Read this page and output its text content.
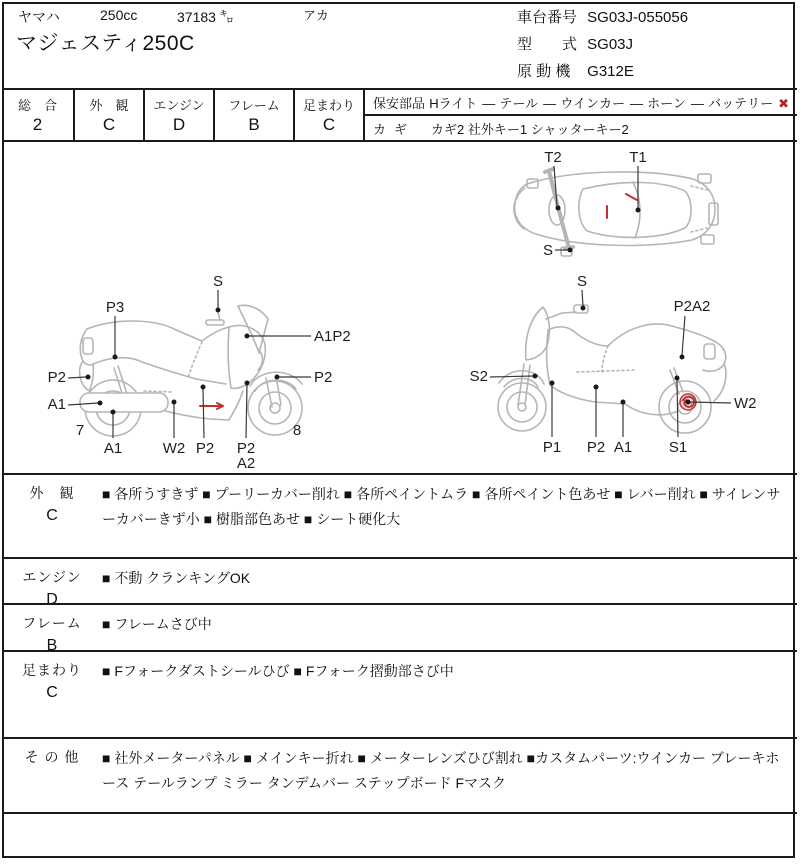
ヤマハ	250cc	37183 ㌔	アカ
マジェスティ250C
車台番号 SG03J-055056
型　　式 SG03J
原 動 機 G312E
総　合
2
外　観
C
エンジン
D
フレーム
B
足まわり
C
保安部品 Hライト — テール — ウインカー — ホーン — バッテリー ✖
カギ カギ2 社外キー1 シャッターキー2
T2	T1
S
S
P3
A1P2
P2
A1
7
A1	W2 P2 P2
A2
8
P2
S
P2A2
S2
W2
P1 P2 A1 S1
外　観
C
■ 各所うすきず ■ プーリーカバー削れ ■ 各所ペイントムラ ■ 各所ペイント色あせ ■ レバー削れ ■ サイレンサーカバーきず小 ■ 樹脂部色あせ ■ シート硬化大
エンジン
D
■ 不動 クランキングOK
フレーム
B
■ フレームさび中
足まわり
C
■ Fフォークダストシールひび ■ Fフォーク摺動部さび中
そ の 他	■ 社外メーターパネル ■ メインキー折れ ■ メーターレンズひび割れ ■カスタムパーツ:ウインカー ブレーキホース テールランプ ミラー タンデムバー ステップボード Fマスク
